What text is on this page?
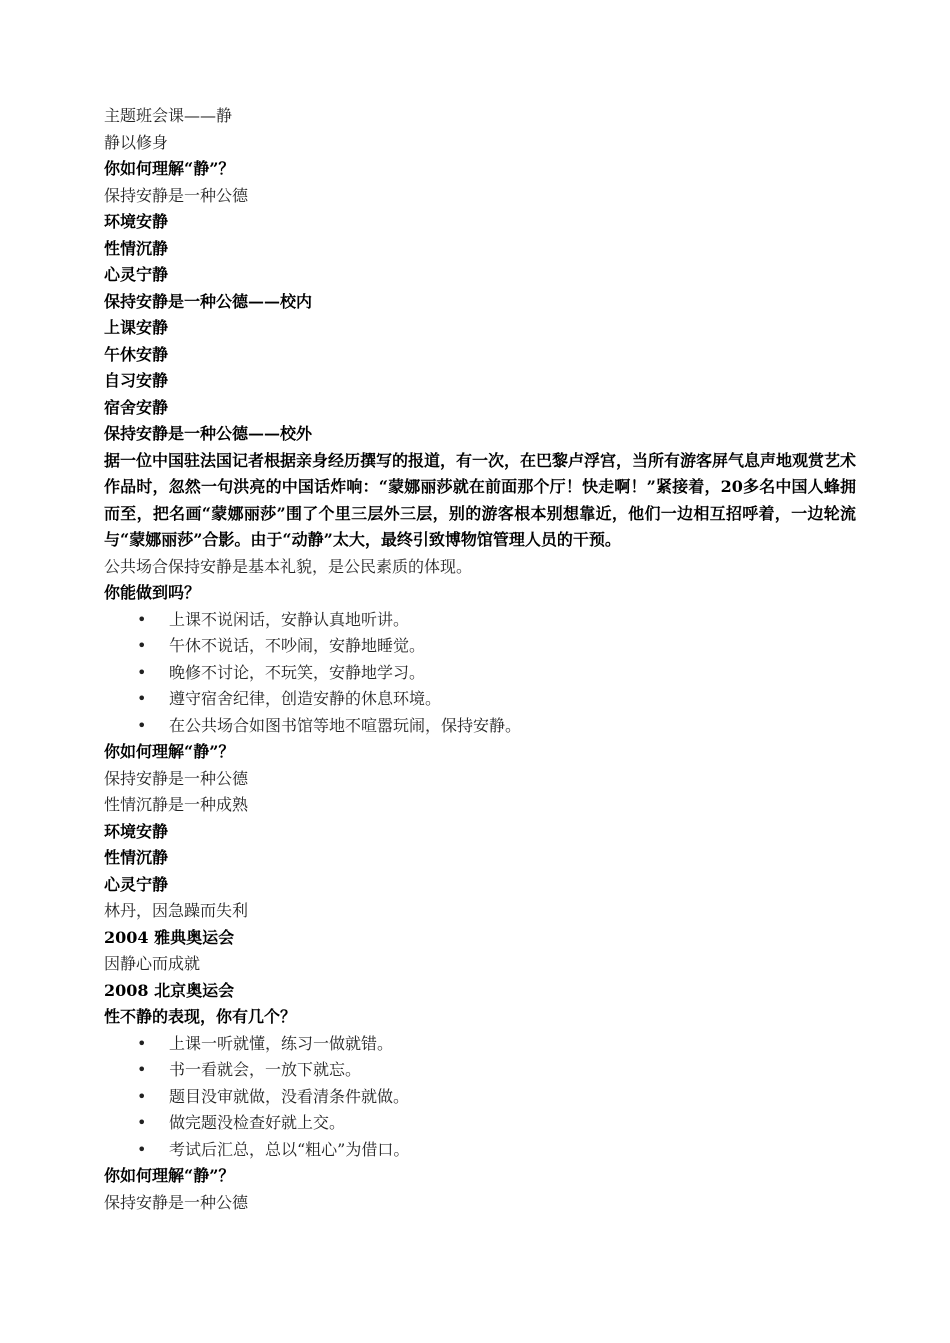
主题班会课——静

静以修身

你如何理解“静”？

保持安静是一种公德

环境安静

性情沉静

心灵宁静

保持安静是一种公德——校内

上课安静

午休安静

自习安静

宿舍安静

保持安静是一种公德——校外

据一位中国驻法国记者根据亲身经历撰写的报道，有一次，在巴黎卢浮宫，当所有游客屏气息声地观赏艺术作品时，忽然一句洪亮的中国话炸响：“蒙娜丽莎就在前面那个厅！快走啊！”紧接着，20多名中国人蜂拥而至，把名画“蒙娜丽莎”围了个里三层外三层，别的游客根本别想靠近，他们一边相互招呼着，一边轮流与“蒙娜丽莎”合影。由于“动静”太大，最终引致博物馆管理人员的干预。

公共场合保持安静是基本礼貌，是公民素质的体现。

你能做到吗？

• 上课不说闲话，安静认真地听讲。
• 午休不说话，不吵闹，安静地睡觉。
• 晚修不讨论，不玩笑，安静地学习。
• 遵守宿舍纪律，创造安静的休息环境。
• 在公共场合如图书馆等地不喧嚣玩闹，保持安静。

你如何理解“静”？

保持安静是一种公德

性情沉静是一种成熟

环境安静

性情沉静

心灵宁静

林丹，因急躁而失利

2004 雅典奥运会

因静心而成就

2008 北京奥运会

性不静的表现，你有几个？

• 上课一听就懂，练习一做就错。
• 书一看就会，一放下就忘。
• 题目没审就做，没看清条件就做。
• 做完题没检查好就上交。
• 考试后汇总，总以“粗心”为借口。

你如何理解“静”？

保持安静是一种公德
